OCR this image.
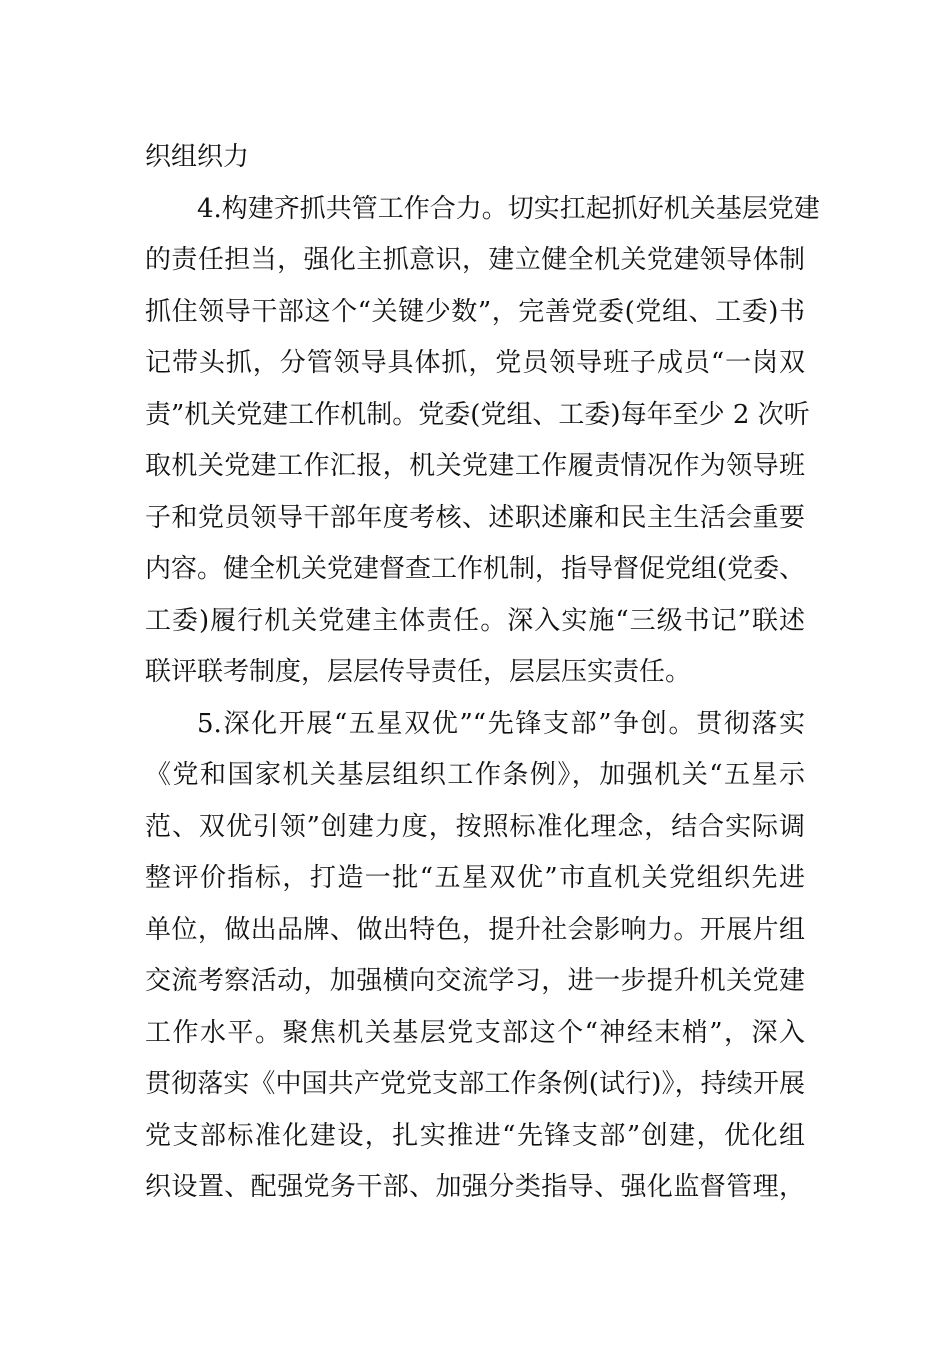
织组织力
4.构建齐抓共管工作合力。切实扛起抓好机关基层党建
的责任担当，强化主抓意识，建立健全机关党建领导体制
抓住领导干部这个“关键少数”，完善党委(党组、工委)书
记带头抓，分管领导具体抓，党员领导班子成员“一岗双
责”机关党建工作机制。党委(党组、工委)每年至少 2 次听
取机关党建工作汇报，机关党建工作履责情况作为领导班
子和党员领导干部年度考核、述职述廉和民主生活会重要
内容。健全机关党建督查工作机制，指导督促党组(党委、
工委)履行机关党建主体责任。深入实施“三级书记”联述
联评联考制度，层层传导责任，层层压实责任。
5.深化开展“五星双优”“先锋支部”争创。贯彻落实
《党和国家机关基层组织工作条例》，加强机关“五星示
范、双优引领”创建力度，按照标准化理念，结合实际调
整评价指标，打造一批“五星双优”市直机关党组织先进
单位，做出品牌、做出特色，提升社会影响力。开展片组
交流考察活动，加强横向交流学习，进一步提升机关党建
工作水平。聚焦机关基层党支部这个“神经末梢”，深入
贯彻落实《中国共产党党支部工作条例(试行)》，持续开展
党支部标准化建设，扎实推进“先锋支部”创建，优化组
织设置、配强党务干部、加强分类指导、强化监督管理，
